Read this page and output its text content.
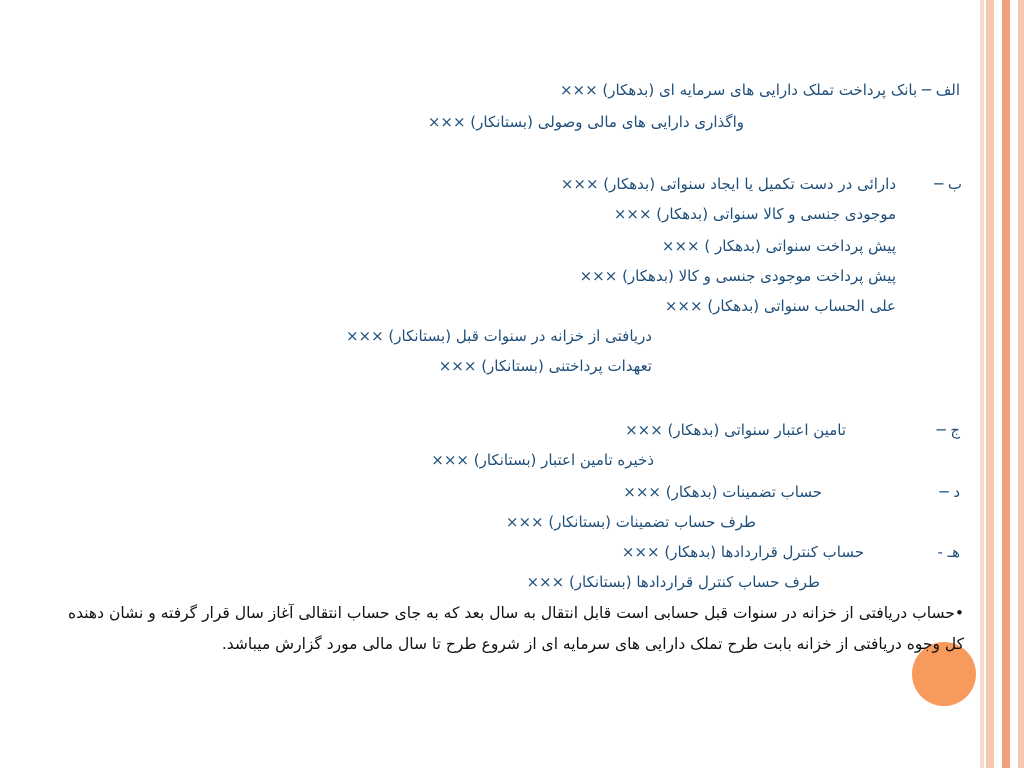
الف ─ بانک پرداخت تملک دارایی های سرمایه ای (بدهکار) ×××
واگذاری دارایی های مالی وصولی (بستانکار) ×××
ب ─
دارائی در دست تکمیل یا ایجاد سنواتی (بدهکار) ×××
موجودی جنسی و کالا سنواتی (بدهکار) ×××
پیش پرداخت سنواتی (بدهکار ) ×××
پیش پرداخت موجودی جنسی و کالا (بدهکار) ×××
علی الحساب سنواتی (بدهکار) ×××
دریافتی از خزانه در سنوات قبل (بستانکار) ×××
تعهدات پرداختنی (بستانکار) ×××
ج ─
تامین اعتبار سنواتی (بدهکار) ×××
ذخیره تامین اعتبار (بستانکار) ×××
د ─
حساب تضمینات (بدهکار) ×××
طرف حساب تضمینات (بستانکار) ×××
هـ -
حساب کنترل قراردادها (بدهکار) ×××
طرف حساب کنترل قراردادها (بستانکار) ×××
•حساب دریافتی از خزانه در سنوات قبل حسابی است قابل انتقال به سال بعد که به جای حساب انتقالی آغاز سال قرار گرفته و نشان دهنده کل وجوه دریافتی از خزانه بابت طرح تملک دارایی های سرمایه ای از شروع طرح تا سال مالی مورد گزارش میباشد.
